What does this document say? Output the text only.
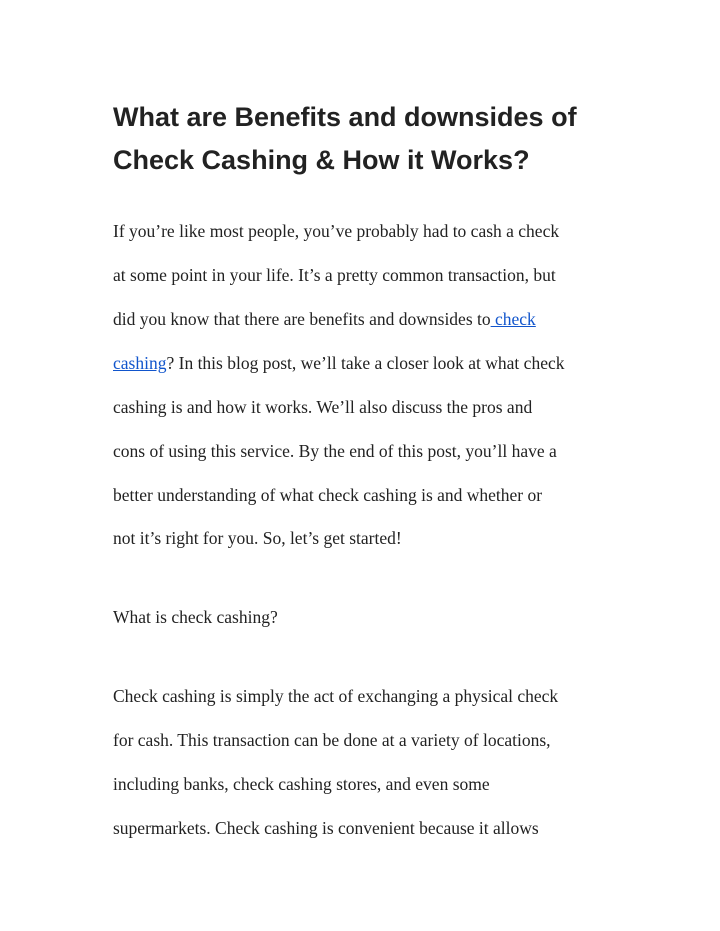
What are Benefits and downsides of Check Cashing & How it Works?

If you’re like most people, you’ve probably had to cash a check

at some point in your life. It’s a pretty common transaction, but

did you know that there are benefits and downsides to check

cashing? In this blog post, we’ll take a closer look at what check

cashing is and how it works. We’ll also discuss the pros and

cons of using this service. By the end of this post, you’ll have a

better understanding of what check cashing is and whether or

not it’s right for you. So, let’s get started!

What is check cashing?

Check cashing is simply the act of exchanging a physical check

for cash. This transaction can be done at a variety of locations,

including banks, check cashing stores, and even some

supermarkets. Check cashing is convenient because it allows
